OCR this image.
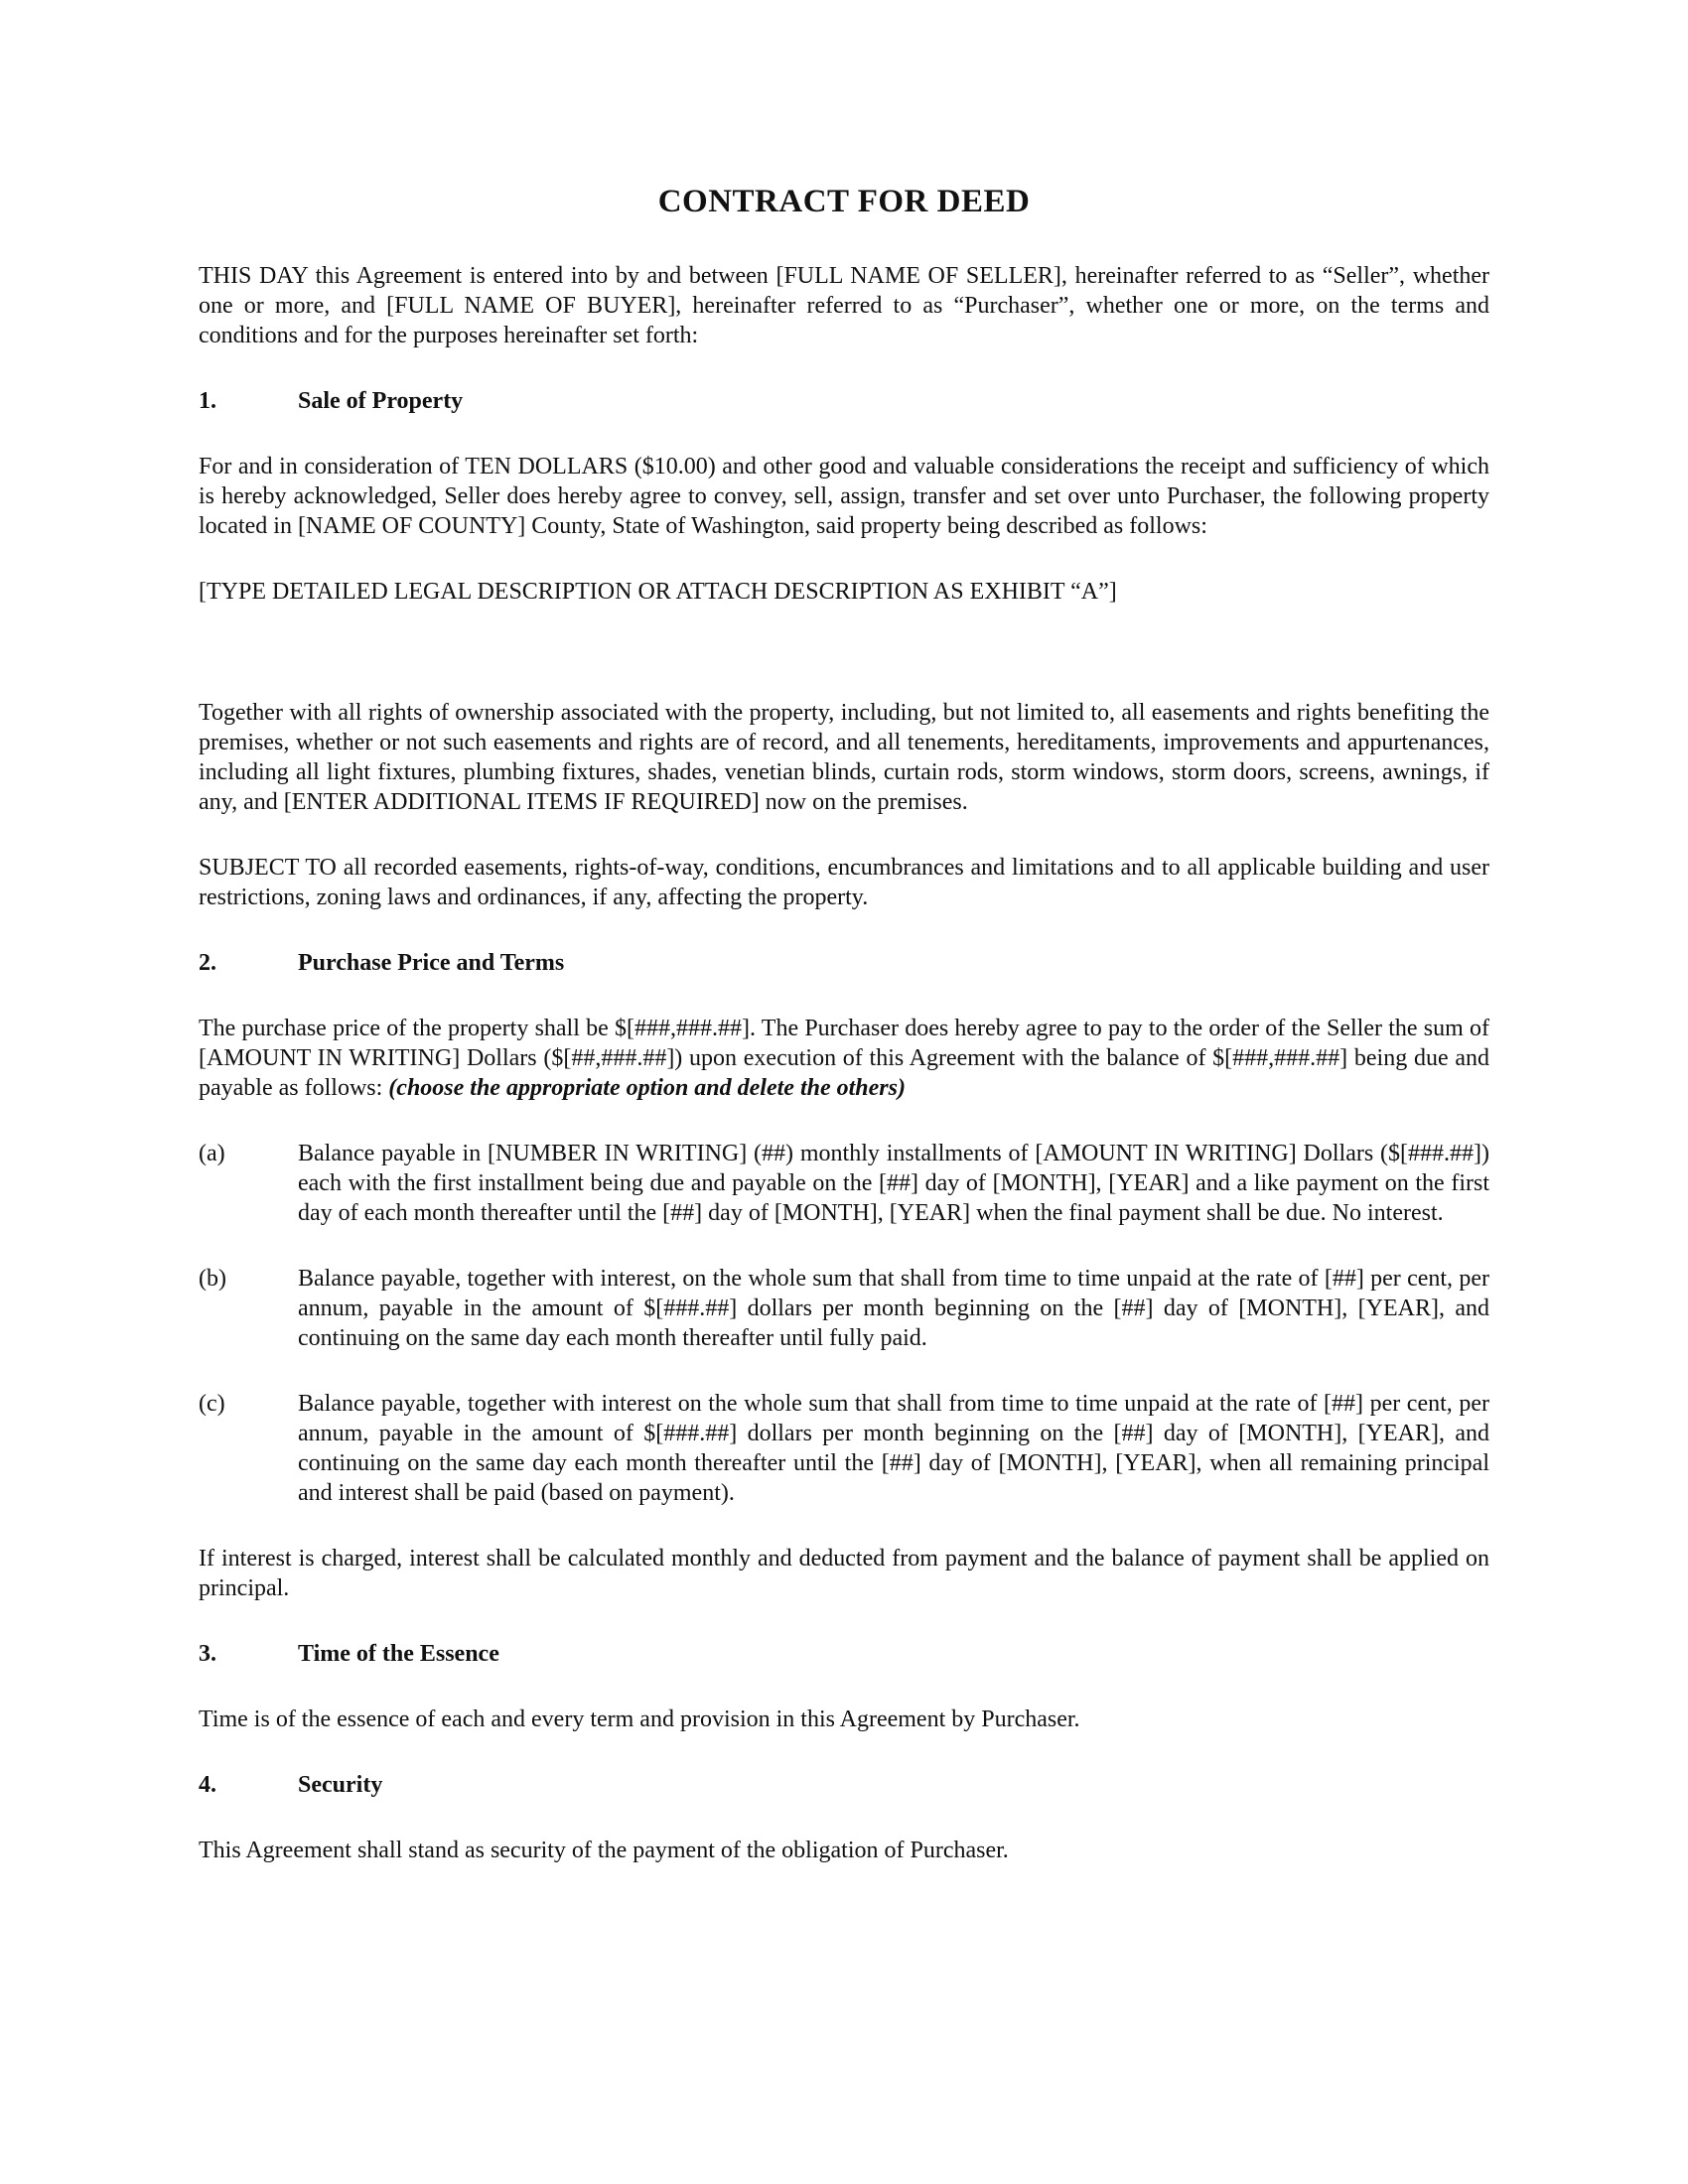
CONTRACT FOR DEED

THIS DAY this Agreement is entered into by and between [FULL NAME OF SELLER], hereinafter referred to as “Seller”, whether one or more, and [FULL NAME OF BUYER], hereinafter referred to as “Purchaser”, whether one or more, on the terms and conditions and for the purposes hereinafter set forth:

1.	Sale of Property

For and in consideration of TEN DOLLARS ($10.00) and other good and valuable considerations the receipt and sufficiency of which is hereby acknowledged, Seller does hereby agree to convey, sell, assign, transfer and set over unto Purchaser, the following property located in [NAME OF COUNTY] County, State of Washington, said property being described as follows:

[TYPE DETAILED LEGAL DESCRIPTION OR ATTACH DESCRIPTION AS EXHIBIT “A”]

Together with all rights of ownership associated with the property, including, but not limited to, all easements and rights benefiting the premises, whether or not such easements and rights are of record, and all tenements, hereditaments, improvements and appurtenances, including all light fixtures, plumbing fixtures, shades, venetian blinds, curtain rods, storm windows, storm doors, screens, awnings, if any, and [ENTER ADDITIONAL ITEMS IF REQUIRED] now on the premises.

SUBJECT TO all recorded easements, rights-of-way, conditions, encumbrances and limitations and to all applicable building and user restrictions, zoning laws and ordinances, if any, affecting the property.

2.	Purchase Price and Terms

The purchase price of the property shall be $[###,###.##]. The Purchaser does hereby agree to pay to the order of the Seller the sum of [AMOUNT IN WRITING] Dollars ($[##,###.##]) upon execution of this Agreement with the balance of $[###,###.##] being due and payable as follows: (choose the appropriate option and delete the others)

(a)	Balance payable in [NUMBER IN WRITING] (##) monthly installments of [AMOUNT IN WRITING] Dollars ($[###.##]) each with the first installment being due and payable on the [##] day of [MONTH], [YEAR] and a like payment on the first day of each month thereafter until the [##] day of [MONTH], [YEAR] when the final payment shall be due. No interest.
(b)	Balance payable, together with interest, on the whole sum that shall from time to time unpaid at the rate of [##] per cent, per annum, payable in the amount of $[###.##] dollars per month beginning on the [##] day of [MONTH], [YEAR], and continuing on the same day each month thereafter until fully paid.
(c)	Balance payable, together with interest on the whole sum that shall from time to time unpaid at the rate of [##] per cent, per annum, payable in the amount of $[###.##] dollars per month beginning on the [##] day of [MONTH], [YEAR], and continuing on the same day each month thereafter until the [##] day of [MONTH], [YEAR], when all remaining principal and interest shall be paid (based on payment).

If interest is charged, interest shall be calculated monthly and deducted from payment and the balance of payment shall be applied on principal.

3.	Time of the Essence

Time is of the essence of each and every term and provision in this Agreement by Purchaser.

4.	Security

This Agreement shall stand as security of the payment of the obligation of Purchaser.
